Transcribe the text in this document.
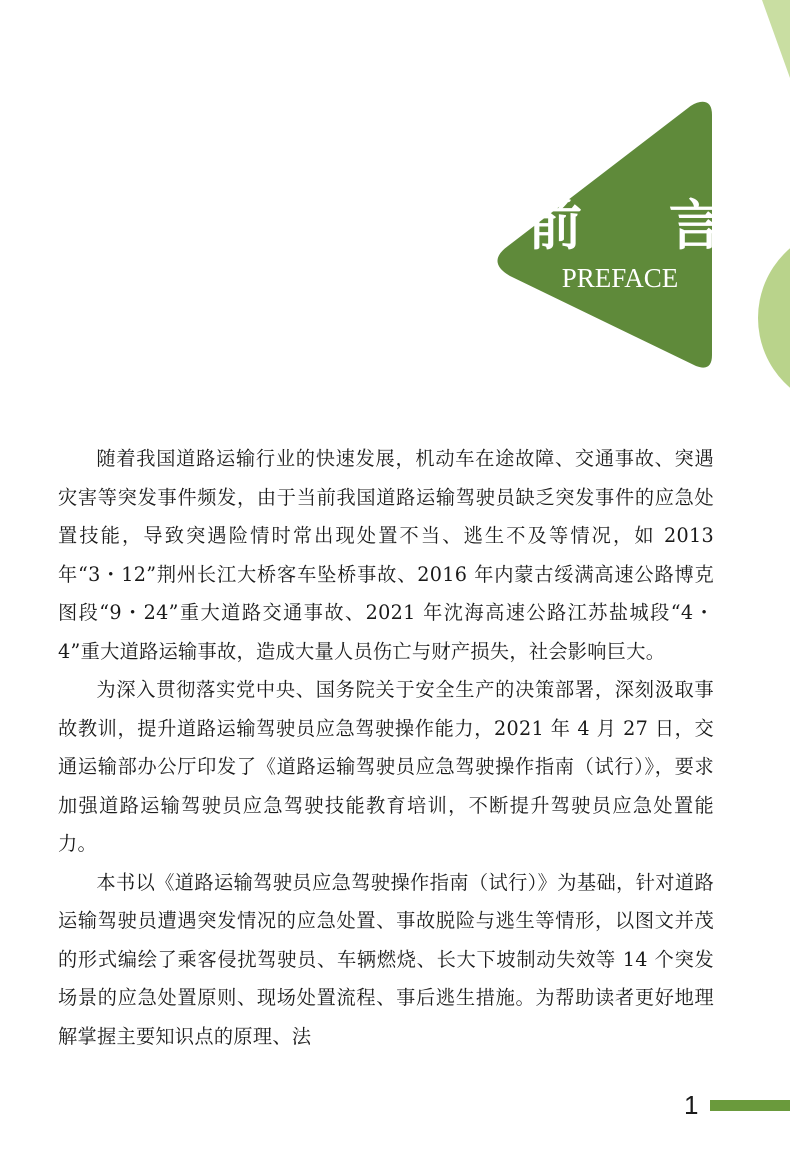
前 言
PREFACE

随着我国道路运输行业的快速发展，机动车在途故障、交通事故、突遇灾害等突发事件频发，由于当前我国道路运输驾驶员缺乏突发事件的应急处置技能，导致突遇险情时常出现处置不当、逃生不及等情况，如 2013 年“3・12”荆州长江大桥客车坠桥事故、2016 年内蒙古绥满高速公路博克图段“9・24”重大道路交通事故、2021 年沈海高速公路江苏盐城段“4・4”重大道路运输事故，造成大量人员伤亡与财产损失，社会影响巨大。

为深入贯彻落实党中央、国务院关于安全生产的决策部署，深刻汲取事故教训，提升道路运输驾驶员应急驾驶操作能力，2021 年 4 月 27 日，交通运输部办公厅印发了《道路运输驾驶员应急驾驶操作指南（试行）》，要求加强道路运输驾驶员应急驾驶技能教育培训，不断提升驾驶员应急处置能力。

本书以《道路运输驾驶员应急驾驶操作指南（试行）》为基础，针对道路运输驾驶员遭遇突发情况的应急处置、事故脱险与逃生等情形，以图文并茂的形式编绘了乘客侵扰驾驶员、车辆燃烧、长大下坡制动失效等 14 个突发场景的应急处置原则、现场处置流程、事后逃生措施。为帮助读者更好地理解掌握主要知识点的原理、法

1
